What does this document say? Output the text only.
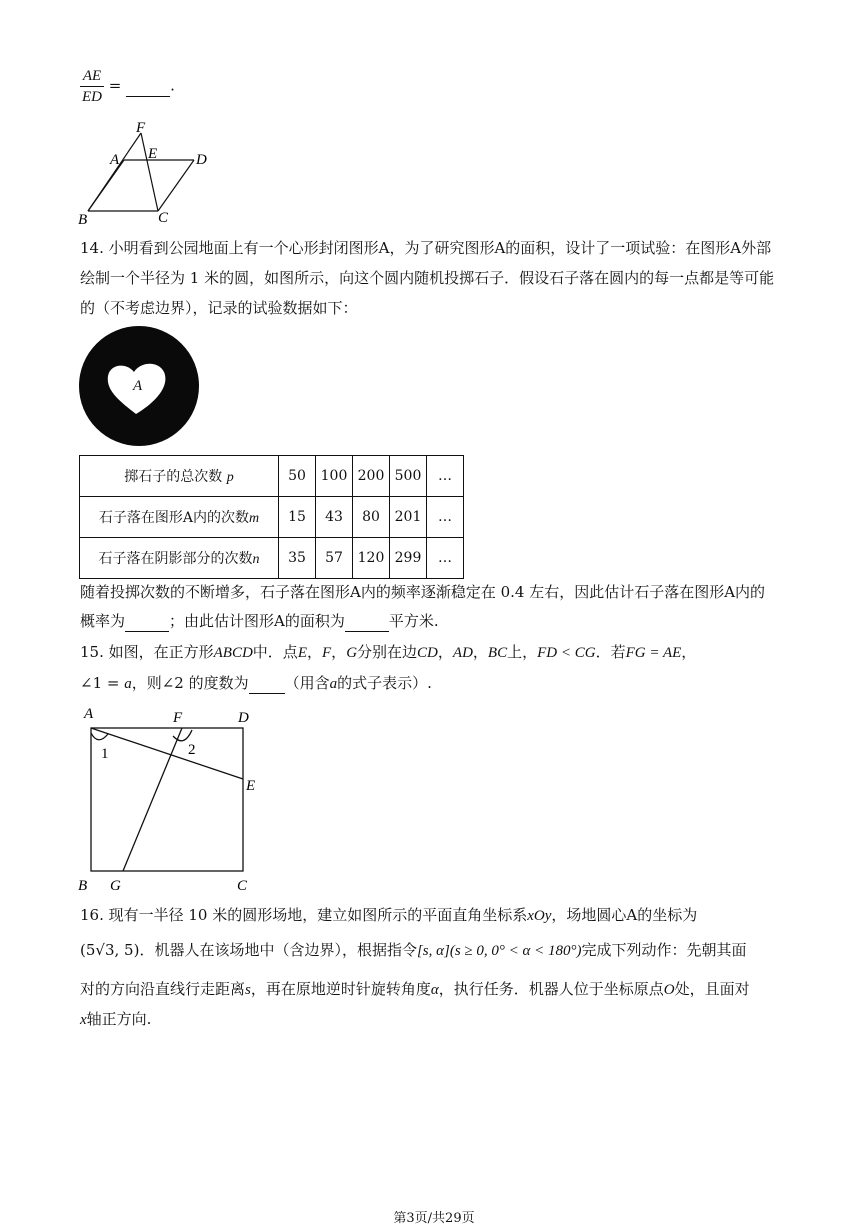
$\frac{AE}{ED}$ =	.
F
A E	D
B	C
14. 小明看到公园地面上有一个心形封闭图形A，为了研究图形A的面积，设计了一项试验：在图形A外部
绘制一个半径为 1 米的圆，如图所示，向这个圆内随机投掷石子．假设石子落在圆内的每一点都是等可能
的（不考虑边界），记录的试验数据如下：
A
掷石子的总次数 p	50	100	200	500	…
石子落在图形A内的次数m	15	43	80	201	…
石子落在阴影部分的次数n	35	57	120	299	…
随着投掷次数的不断增多，石子落在图形A内的频率逐渐稳定在 0.4 左右，因此估计石子落在图形A内的
概率为	；由此估计图形A的面积为	平方米.
15. 如图，在正方形ABCD中．点E，F，G分别在边CD，AD，BC上，FD < CG．若FG = AE，
∠1 = a，则∠2 的度数为 （用含a的式子表示）.
A	F	D
E
B G	C
1	2
16. 现有一半径 10 米的圆形场地，建立如图所示的平面直角坐标系xOy，场地圆心A的坐标为
(5√3, 5)．机器人在该场地中（含边界），根据指令[s, α](s ≥ 0, 0° < α < 180°)完成下列动作：先朝其面
对的方向沿直线行走距离s，再在原地逆时针旋转角度α，执行任务．机器人位于坐标原点O处，且面对
x轴正方向.
第3页/共29页
